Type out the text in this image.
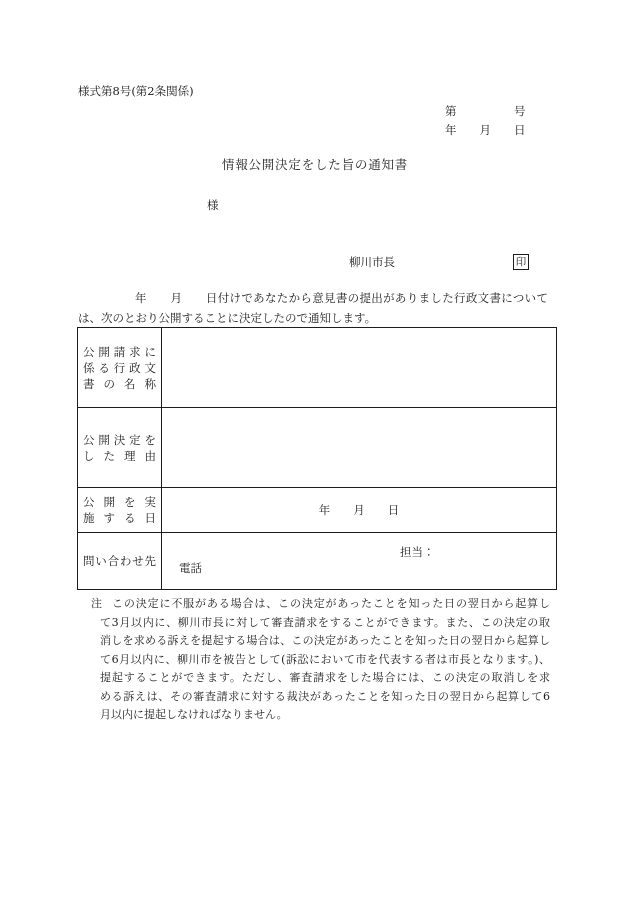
様式第8号(第2条関係)
第　　　　　号
年　　月　　日
情報公開決定をした旨の通知書
様
柳川市長	印
年　　月　　日付けであなたから意見書の提出がありました行政文書について
は、次のとおり公開することに決定したので通知します。
公開請求に
係る行政文
書の名称	

公開決定を
した理由	

公開を実
施する日	年　　月　　日

問い合わせ先	担当：
電話
注 この決定に不服がある場合は、この決定があったことを知った日の翌日から起算し
て3月以内に、柳川市長に対して審査請求をすることができます。また、この決定の取
消しを求める訴えを提起する場合は、この決定があったことを知った日の翌日から起算し
て6月以内に、柳川市を被告として(訴訟において市を代表する者は市長となります。)、
提起することができます。ただし、審査請求をした場合には、この決定の取消しを求
める訴えは、その審査請求に対する裁決があったことを知った日の翌日から起算して6
月以内に提起しなければなりません。
